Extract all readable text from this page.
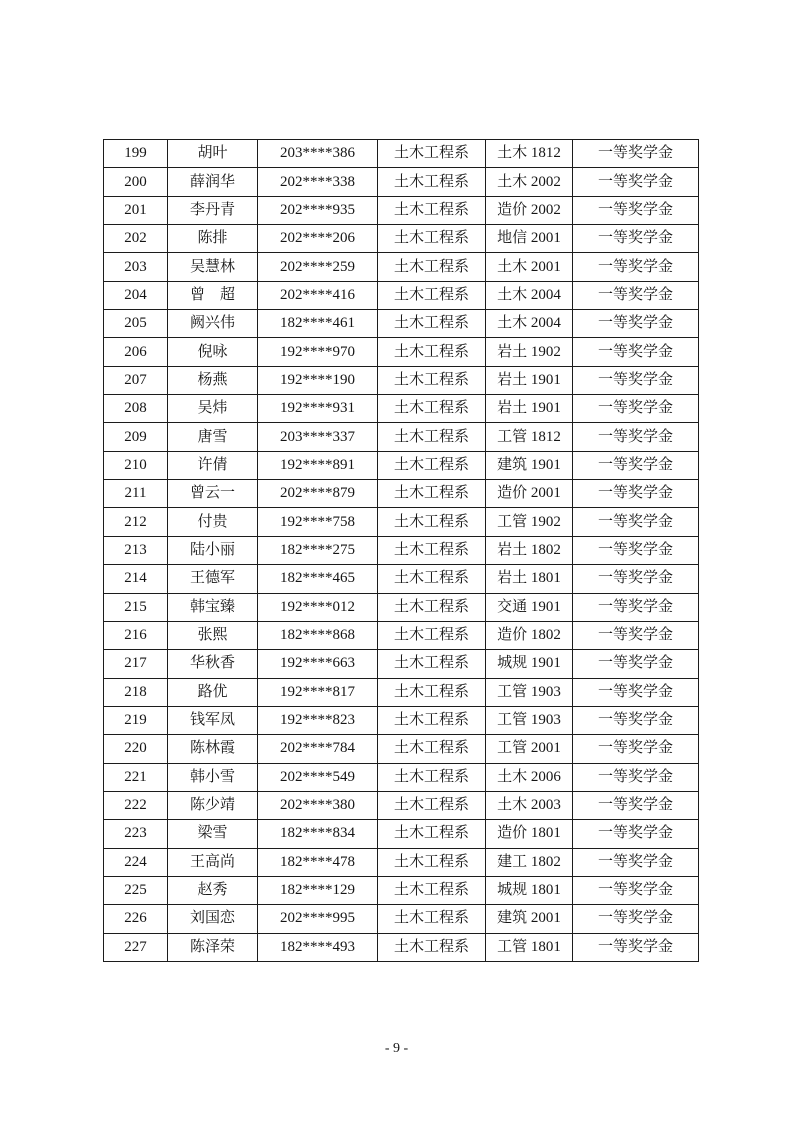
199	胡叶	203****386	土木工程系	土木 1812	一等奖学金
200	薛润华	202****338	土木工程系	土木 2002	一等奖学金
201	李丹青	202****935	土木工程系	造价 2002	一等奖学金
202	陈排	202****206	土木工程系	地信 2001	一等奖学金
203	吴慧林	202****259	土木工程系	土木 2001	一等奖学金
204	曾　超	202****416	土木工程系	土木 2004	一等奖学金
205	阙兴伟	182****461	土木工程系	土木 2004	一等奖学金
206	倪咏	192****970	土木工程系	岩土 1902	一等奖学金
207	杨燕	192****190	土木工程系	岩土 1901	一等奖学金
208	吴炜	192****931	土木工程系	岩土 1901	一等奖学金
209	唐雪	203****337	土木工程系	工管 1812	一等奖学金
210	许倩	192****891	土木工程系	建筑 1901	一等奖学金
211	曾云一	202****879	土木工程系	造价 2001	一等奖学金
212	付贵	192****758	土木工程系	工管 1902	一等奖学金
213	陆小丽	182****275	土木工程系	岩土 1802	一等奖学金
214	王德军	182****465	土木工程系	岩土 1801	一等奖学金
215	韩宝臻	192****012	土木工程系	交通 1901	一等奖学金
216	张熙	182****868	土木工程系	造价 1802	一等奖学金
217	华秋香	192****663	土木工程系	城规 1901	一等奖学金
218	路优	192****817	土木工程系	工管 1903	一等奖学金
219	钱军凤	192****823	土木工程系	工管 1903	一等奖学金
220	陈林霞	202****784	土木工程系	工管 2001	一等奖学金
221	韩小雪	202****549	土木工程系	土木 2006	一等奖学金
222	陈少靖	202****380	土木工程系	土木 2003	一等奖学金
223	梁雪	182****834	土木工程系	造价 1801	一等奖学金
224	王高尚	182****478	土木工程系	建工 1802	一等奖学金
225	赵秀	182****129	土木工程系	城规 1801	一等奖学金
226	刘国恋	202****995	土木工程系	建筑 2001	一等奖学金
227	陈泽荣	182****493	土木工程系	工管 1801	一等奖学金
- 9 -
